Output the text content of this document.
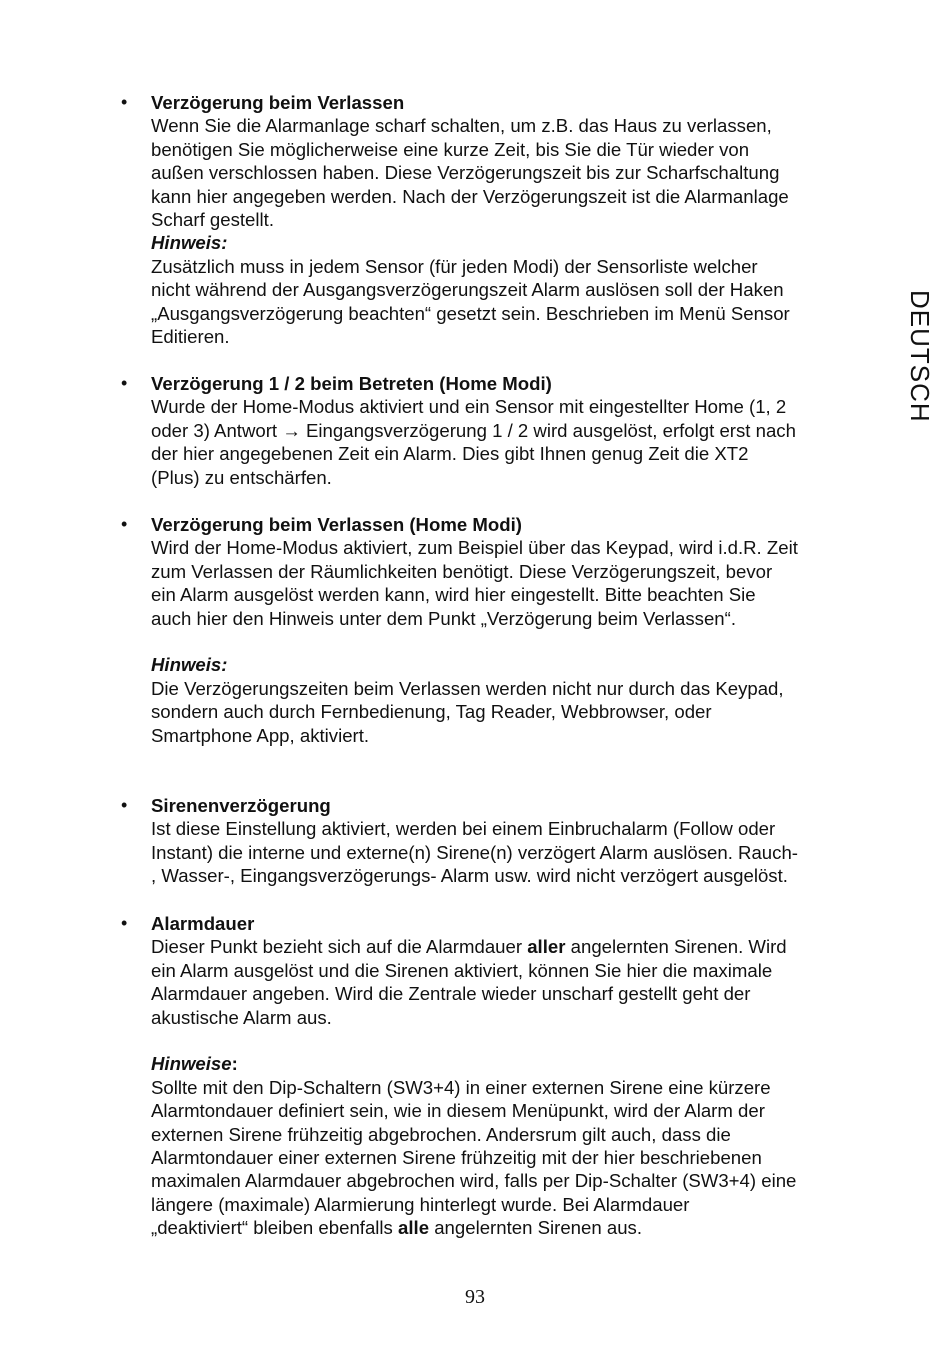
• Verzögerung beim Verlassen
Wenn Sie die Alarmanlage scharf schalten, um z.B. das Haus zu verlassen,
benötigen Sie möglicherweise eine kurze Zeit, bis Sie die Tür wieder von
außen verschlossen haben. Diese Verzögerungszeit bis zur Scharfschaltung
kann hier angegeben werden. Nach der Verzögerungszeit ist die Alarmanlage
Scharf gestellt.
Hinweis:
Zusätzlich muss in jedem Sensor (für jeden Modi) der Sensorliste welcher
nicht während der Ausgangsverzögerungszeit Alarm auslösen soll der Haken
„Ausgangsverzögerung beachten“ gesetzt sein. Beschrieben im Menü Sensor
Editieren.
• Verzögerung 1 / 2 beim Betreten (Home Modi)
Wurde der Home-Modus aktiviert und ein Sensor mit eingestellter Home (1, 2
oder 3) Antwort → Eingangsverzögerung 1 / 2 wird ausgelöst, erfolgt erst nach
der hier angegebenen Zeit ein Alarm. Dies gibt Ihnen genug Zeit die XT2
(Plus) zu entschärfen.
• Verzögerung beim Verlassen (Home Modi)
Wird der Home-Modus aktiviert, zum Beispiel über das Keypad, wird i.d.R. Zeit
zum Verlassen der Räumlichkeiten benötigt. Diese Verzögerungszeit, bevor
ein Alarm ausgelöst werden kann, wird hier eingestellt. Bitte beachten Sie
auch hier den Hinweis unter dem Punkt „Verzögerung beim Verlassen“.
Hinweis:
Die Verzögerungszeiten beim Verlassen werden nicht nur durch das Keypad,
sondern auch durch Fernbedienung, Tag Reader, Webbrowser, oder
Smartphone App, aktiviert.
• Sirenenverzögerung
Ist diese Einstellung aktiviert, werden bei einem Einbruchalarm (Follow oder
Instant) die interne und externe(n) Sirene(n) verzögert Alarm auslösen. Rauch-
, Wasser-, Eingangsverzögerungs- Alarm usw. wird nicht verzögert ausgelöst.
• Alarmdauer
Dieser Punkt bezieht sich auf die Alarmdauer aller angelernten Sirenen. Wird
ein Alarm ausgelöst und die Sirenen aktiviert, können Sie hier die maximale
Alarmdauer angeben. Wird die Zentrale wieder unscharf gestellt geht der
akustische Alarm aus.
Hinweise:
Sollte mit den Dip-Schaltern (SW3+4) in einer externen Sirene eine kürzere
Alarmtondauer definiert sein, wie in diesem Menüpunkt, wird der Alarm der
externen Sirene frühzeitig abgebrochen. Andersrum gilt auch, dass die
Alarmtondauer einer externen Sirene frühzeitig mit der hier beschriebenen
maximalen Alarmdauer abgebrochen wird, falls per Dip-Schalter (SW3+4) eine
längere (maximale) Alarmierung hinterlegt wurde. Bei Alarmdauer
„deaktiviert“ bleiben ebenfalls alle angelernten Sirenen aus.
DEUTSCH
93
